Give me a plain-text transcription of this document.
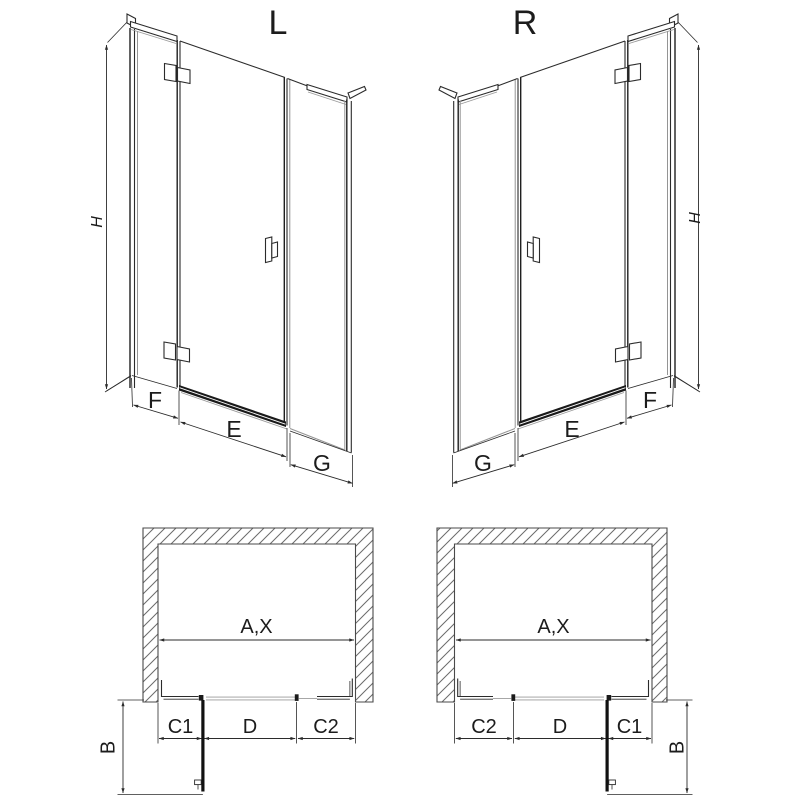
L	R
H
F
E
G
H
F
E
G
A,X
C1 D	C2
B
A,X
C2	D C1
B
